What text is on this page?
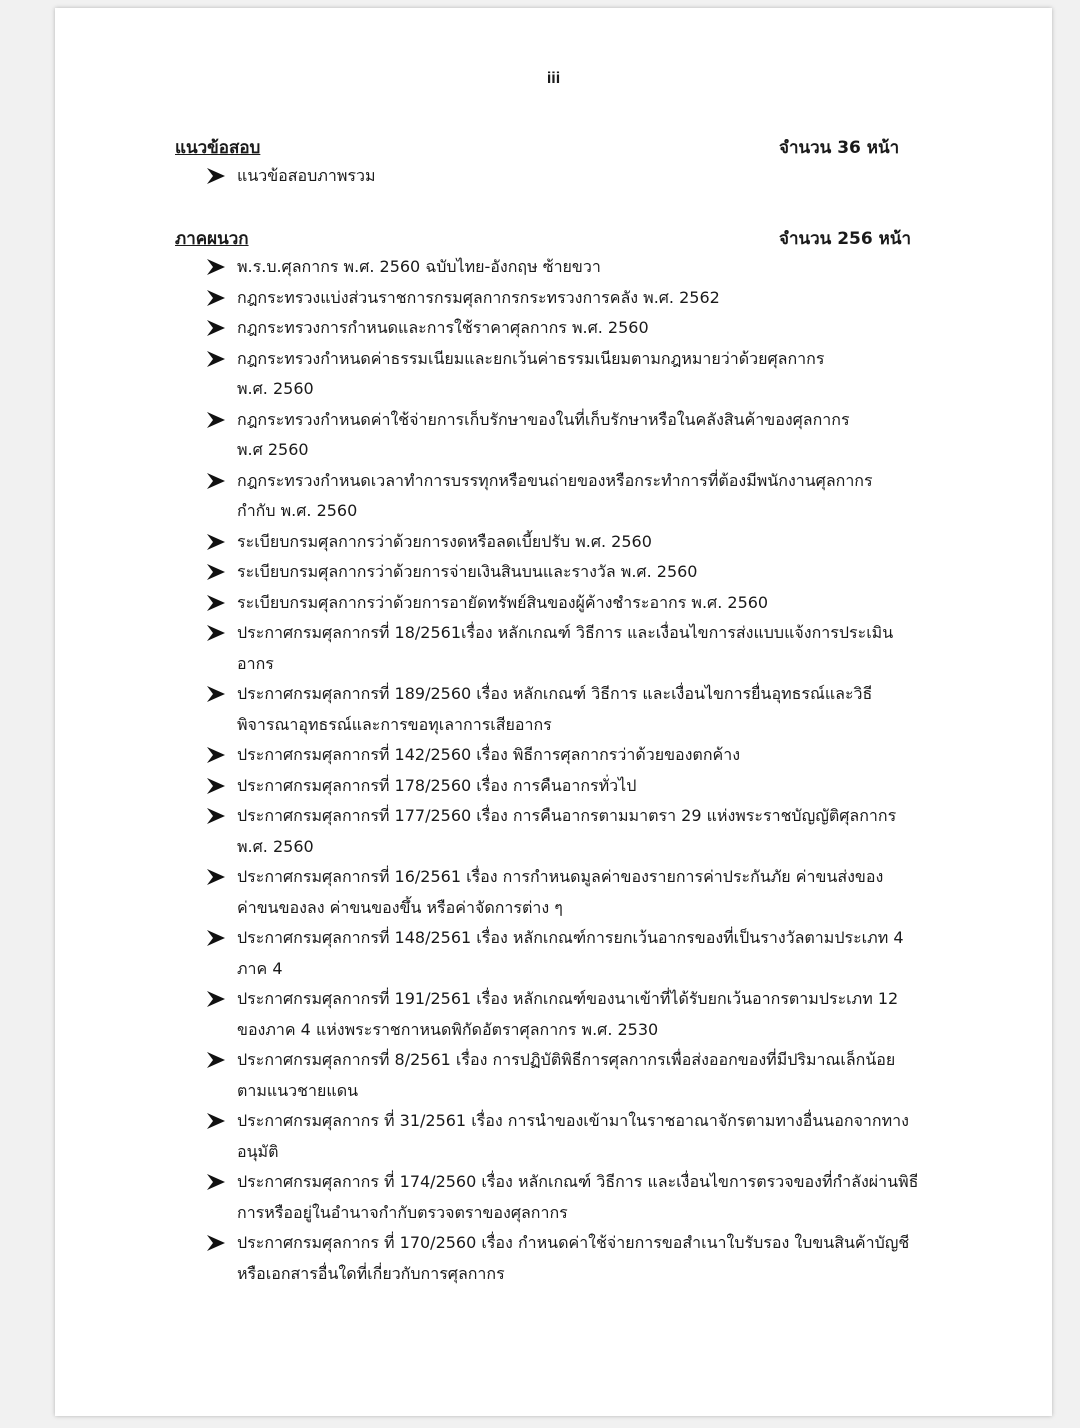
iii
แนวข้อสอบ	จำนวน 36 หน้า
แนวข้อสอบภาพรวม
ภาคผนวก	จำนวน 256 หน้า
พ.ร.บ.ศุลกากร พ.ศ. 2560 ฉบับไทย-อังกฤษ ซ้ายขวา
กฎกระทรวงแบ่งส่วนราชการกรมศุลกากรกระทรวงการคลัง พ.ศ. 2562
กฎกระทรวงการกำหนดและการใช้ราคาศุลกากร พ.ศ. 2560
กฎกระทรวงกำหนดค่าธรรมเนียมและยกเว้นค่าธรรมเนียมตามกฎหมายว่าด้วยศุลกากร
พ.ศ. 2560
กฎกระทรวงกำหนดค่าใช้จ่ายการเก็บรักษาของในที่เก็บรักษาหรือในคลังสินค้าของศุลกากร
พ.ศ 2560
กฎกระทรวงกำหนดเวลาทำการบรรทุกหรือขนถ่ายของหรือกระทำการที่ต้องมีพนักงานศุลกากร
กำกับ พ.ศ. 2560
ระเบียบกรมศุลกากรว่าด้วยการงดหรือลดเบี้ยปรับ พ.ศ. 2560
ระเบียบกรมศุลกากรว่าด้วยการจ่ายเงินสินบนและรางวัล พ.ศ. 2560
ระเบียบกรมศุลกากรว่าด้วยการอายัดทรัพย์สินของผู้ค้างชำระอากร พ.ศ. 2560
ประกาศกรมศุลกากรที่ 18/2561เรื่อง หลักเกณฑ์ วิธีการ และเงื่อนไขการส่งแบบแจ้งการประเมิน
อากร
ประกาศกรมศุลกากรที่ 189/2560 เรื่อง หลักเกณฑ์ วิธีการ และเงื่อนไขการยื่นอุทธรณ์และวิธี
พิจารณาอุทธรณ์และการขอทุเลาการเสียอากร
ประกาศกรมศุลกากรที่ 142/2560 เรื่อง พิธีการศุลกากรว่าด้วยของตกค้าง
ประกาศกรมศุลกากรที่ 178/2560 เรื่อง การคืนอากรทั่วไป
ประกาศกรมศุลกากรที่ 177/2560 เรื่อง การคืนอากรตามมาตรา 29 แห่งพระราชบัญญัติศุลกากร
พ.ศ. 2560
ประกาศกรมศุลกากรที่ 16/2561 เรื่อง การกำหนดมูลค่าของรายการค่าประกันภัย ค่าขนส่งของ
ค่าขนของลง ค่าขนของขึ้น หรือค่าจัดการต่าง ๆ
ประกาศกรมศุลกากรที่ 148/2561 เรื่อง หลักเกณฑ์การยกเว้นอากรของที่เป็นรางวัลตามประเภท 4
ภาค 4
ประกาศกรมศุลกากรที่ 191/2561 เรื่อง หลักเกณฑ์ของนาเข้าที่ได้รับยกเว้นอากรตามประเภท 12
ของภาค 4 แห่งพระราชกาหนดพิกัดอัตราศุลกากร พ.ศ. 2530
ประกาศกรมศุลกากรที่ 8/2561 เรื่อง การปฏิบัติพิธีการศุลกากรเพื่อส่งออกของที่มีปริมาณเล็กน้อย
ตามแนวชายแดน
ประกาศกรมศุลกากร ที่ 31/2561 เรื่อง การนำของเข้ามาในราชอาณาจักรตามทางอื่นนอกจากทาง
อนุมัติ
ประกาศกรมศุลกากร ที่ 174/2560 เรื่อง หลักเกณฑ์ วิธีการ และเงื่อนไขการตรวจของที่กำลังผ่านพิธี
การหรืออยู่ในอำนาจกำกับตรวจตราของศุลกากร
ประกาศกรมศุลกากร ที่ 170/2560 เรื่อง กำหนดค่าใช้จ่ายการขอสำเนาใบรับรอง ใบขนสินค้าบัญชี
หรือเอกสารอื่นใดที่เกี่ยวกับการศุลกากร
